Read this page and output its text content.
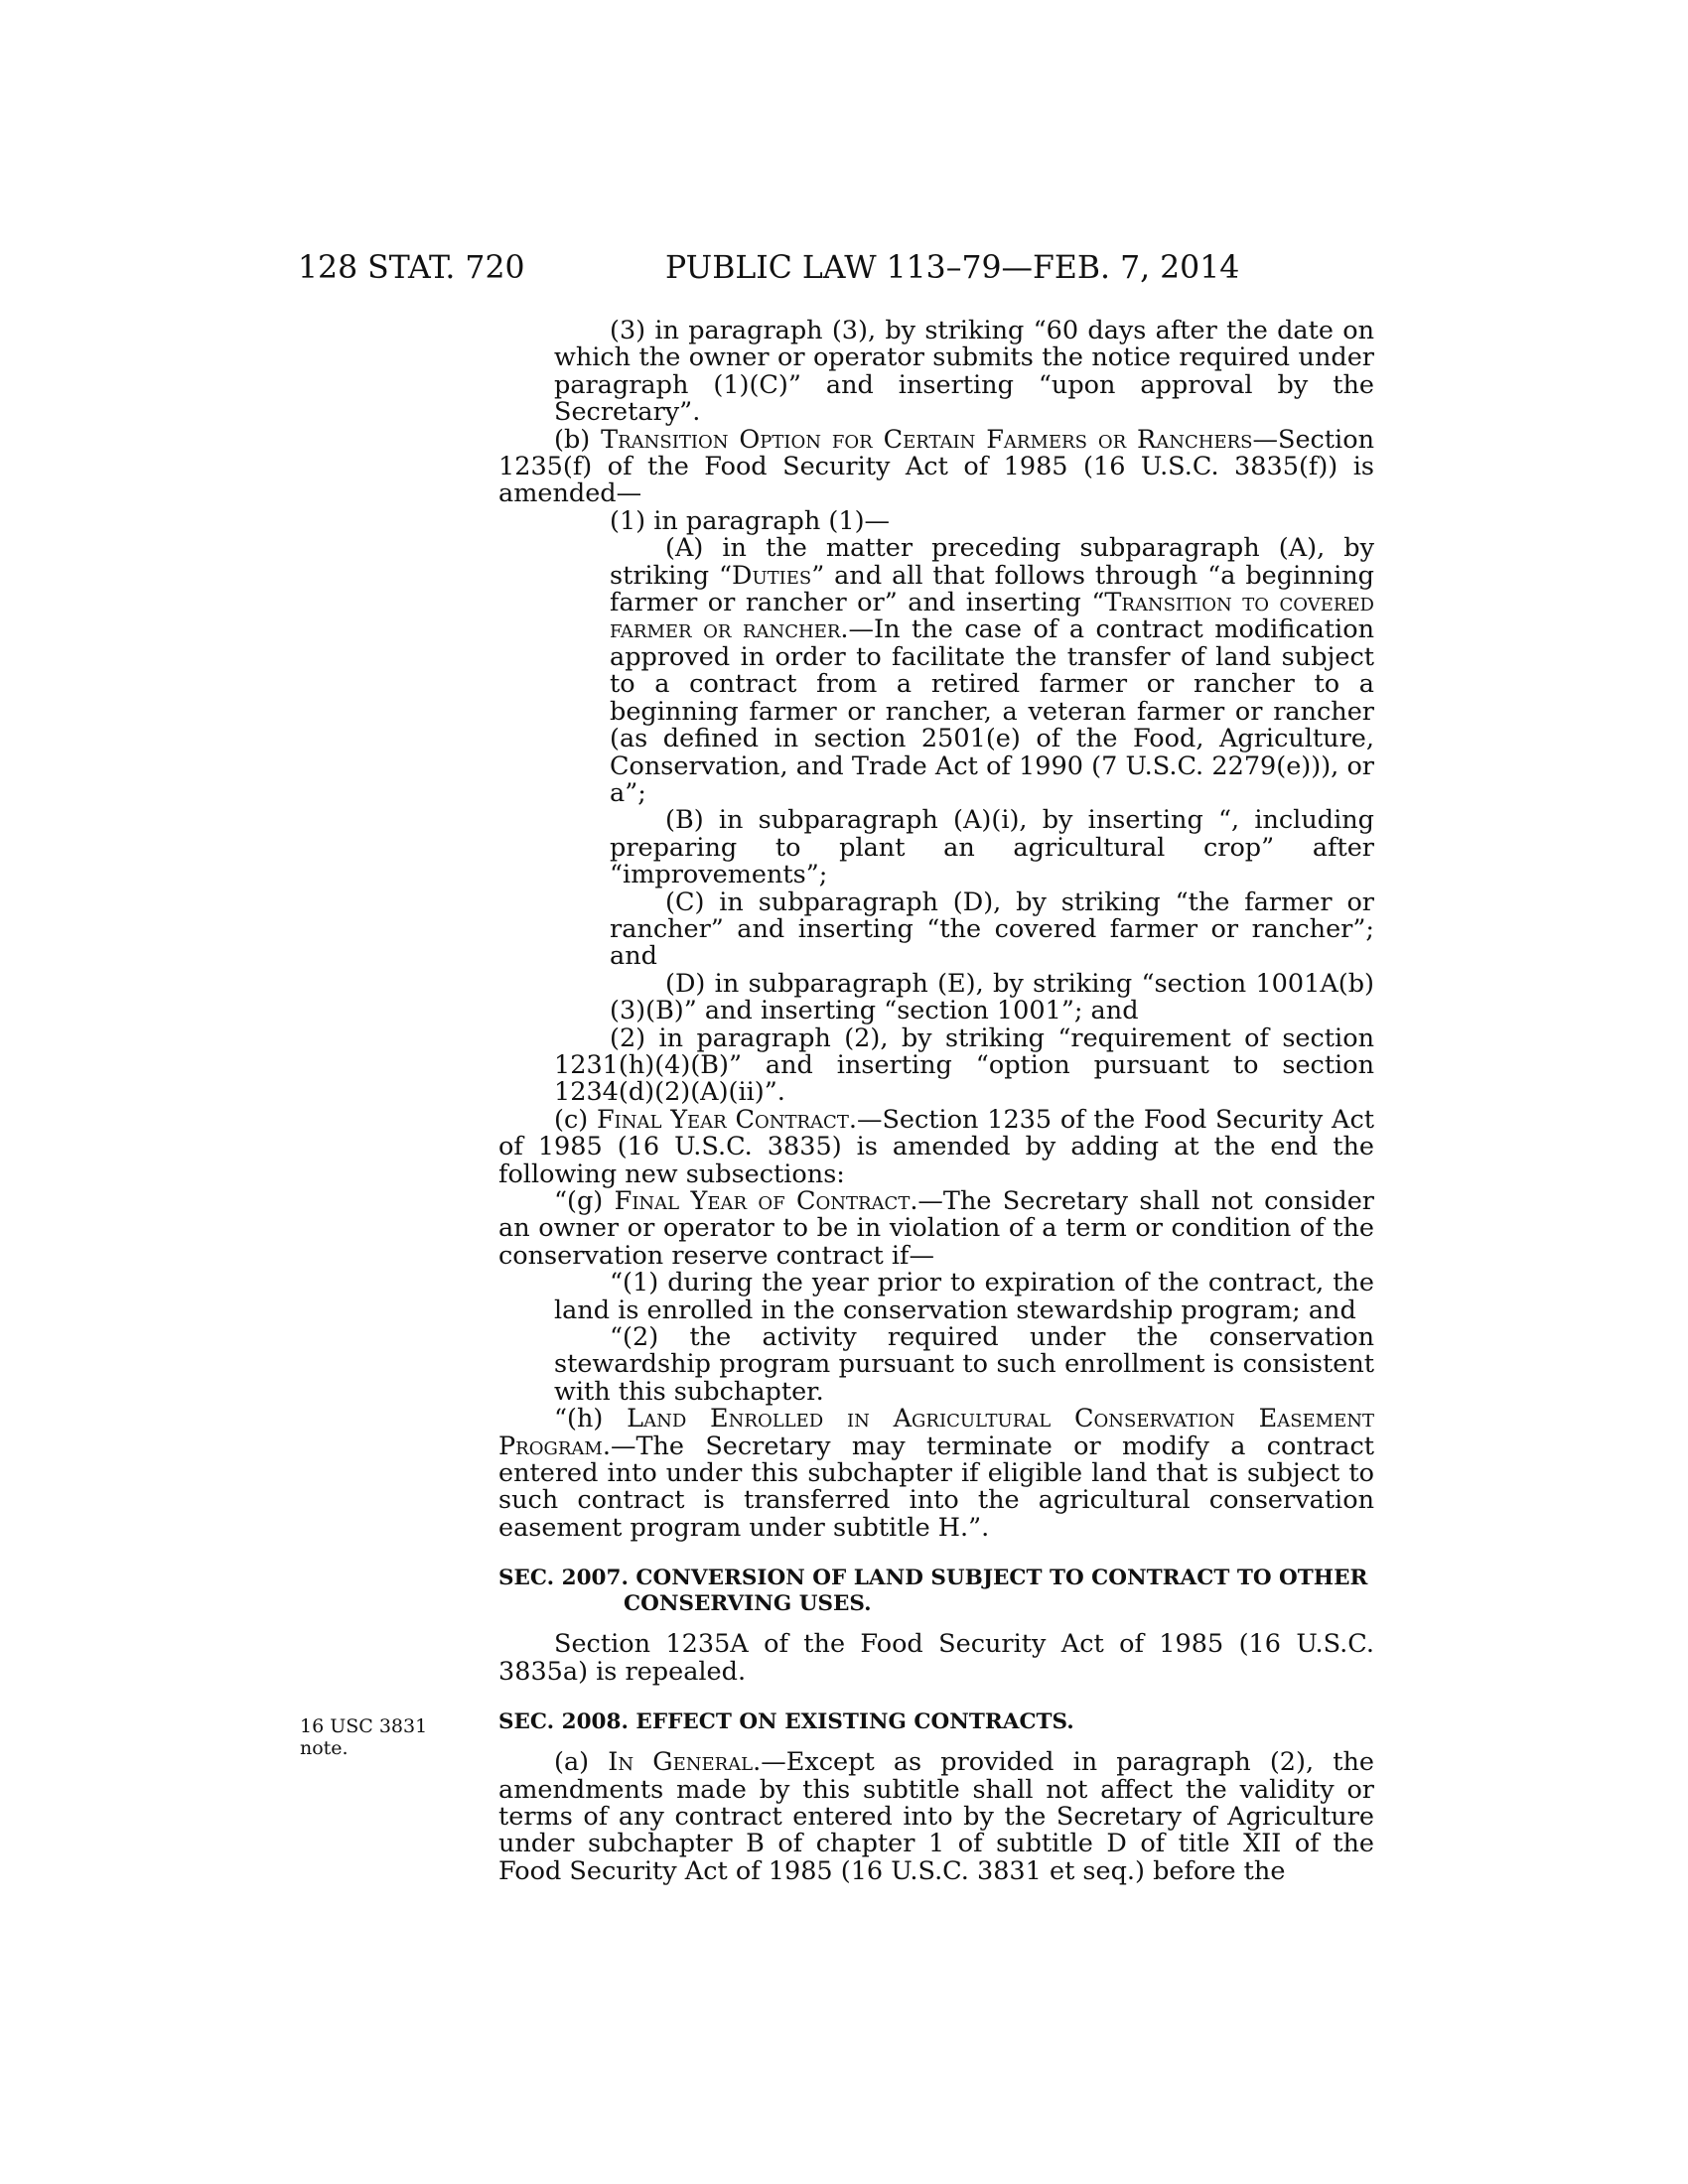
128 STAT. 720	PUBLIC LAW 113–79—FEB. 7, 2014
16 USC 3831
note.

(3) in paragraph (3), by striking “60 days after the date on which the owner or operator submits the notice required under paragraph (1)(C)” and inserting “upon approval by the Secretary”.

(b) Transition Option for Certain Farmers or Ranchers—Section 1235(f) of the Food Security Act of 1985 (16 U.S.C. 3835(f)) is amended—

(1) in paragraph (1)—

(A) in the matter preceding subparagraph (A), by striking “Duties” and all that follows through “a beginning farmer or rancher or” and inserting “Transition to covered farmer or rancher.—In the case of a contract modification approved in order to facilitate the transfer of land subject to a contract from a retired farmer or rancher to a beginning farmer or rancher, a veteran farmer or rancher (as defined in section 2501(e) of the Food, Agriculture, Conservation, and Trade Act of 1990 (7 U.S.C. 2279(e))), or a”;

(B) in subparagraph (A)(i), by inserting “, including preparing to plant an agricultural crop” after “improvements”;

(C) in subparagraph (D), by striking “the farmer or rancher” and inserting “the covered farmer or rancher”; and

(D) in subparagraph (E), by striking “section 1001A(b)(3)(B)” and inserting “section 1001”; and

(2) in paragraph (2), by striking “requirement of section 1231(h)(4)(B)” and inserting “option pursuant to section 1234(d)(2)(A)(ii)”.

(c) Final Year Contract.—Section 1235 of the Food Security Act of 1985 (16 U.S.C. 3835) is amended by adding at the end the following new subsections:

“(g) Final Year of Contract.—The Secretary shall not consider an owner or operator to be in violation of a term or condition of the conservation reserve contract if—

“(1) during the year prior to expiration of the contract, the land is enrolled in the conservation stewardship program; and

“(2) the activity required under the conservation stewardship program pursuant to such enrollment is consistent with this subchapter.

“(h) Land Enrolled in Agricultural Conservation Easement Program.—The Secretary may terminate or modify a contract entered into under this subchapter if eligible land that is subject to such contract is transferred into the agricultural conservation easement program under subtitle H.”.

SEC. 2007. CONVERSION OF LAND SUBJECT TO CONTRACT TO OTHER CONSERVING USES.

Section 1235A of the Food Security Act of 1985 (16 U.S.C. 3835a) is repealed.

SEC. 2008. EFFECT ON EXISTING CONTRACTS.

(a) In General.—Except as provided in paragraph (2), the amendments made by this subtitle shall not affect the validity or terms of any contract entered into by the Secretary of Agriculture under subchapter B of chapter 1 of subtitle D of title XII of the Food Security Act of 1985 (16 U.S.C. 3831 et seq.) before the
